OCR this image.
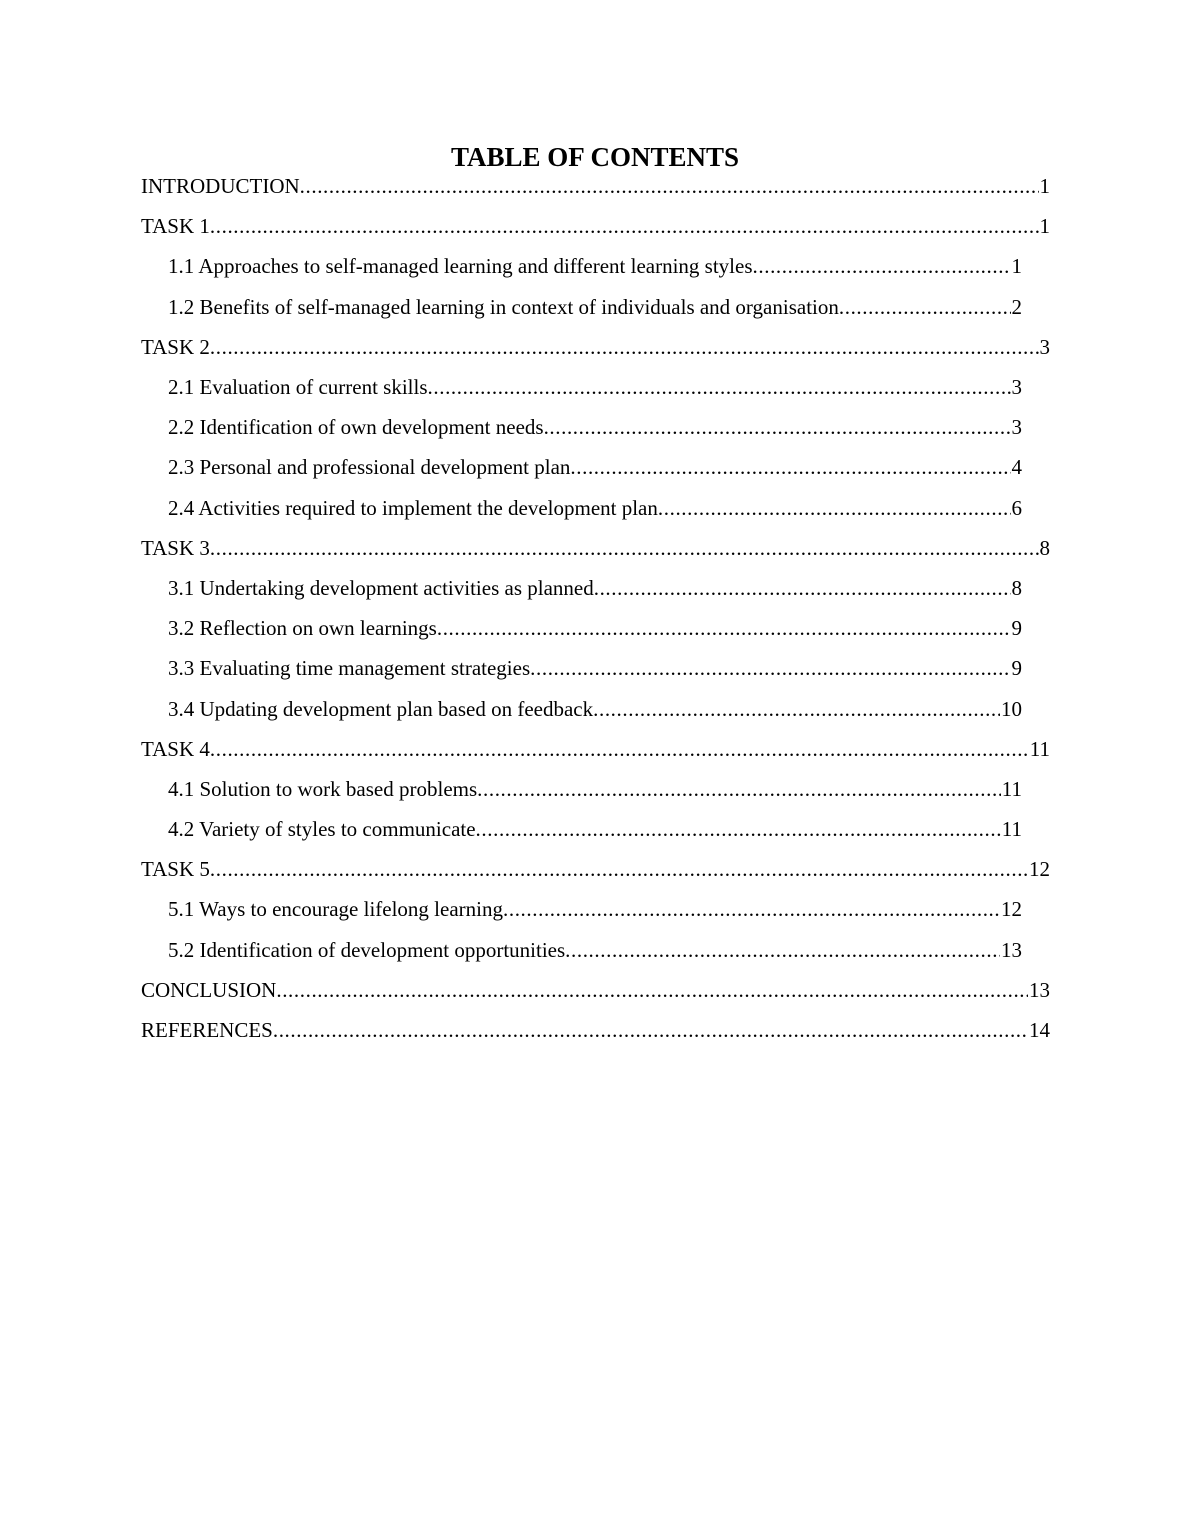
TABLE OF CONTENTS
INTRODUCTION .....	1
TASK 1 .....	1
1.1 Approaches to self-managed learning and different learning styles .....	1
1.2 Benefits of self-managed learning in context of individuals and organisation .....	2
TASK 2 .....	3
2.1 Evaluation of current skills .....	3
2.2 Identification of own development needs .....	3
2.3 Personal and professional development plan .....	4
2.4 Activities required to implement the development plan .....	6
TASK 3 .....	8
3.1 Undertaking development activities as planned .....	8
3.2 Reflection on own learnings .....	9
3.3 Evaluating time management strategies .....	9
3.4 Updating development plan based on feedback .....	10
TASK 4 .....	11
4.1 Solution to work based problems .....	11
4.2 Variety of styles to communicate .....	11
TASK 5 .....	12
5.1 Ways to encourage lifelong learning .....	12
5.2 Identification of development opportunities .....	13
CONCLUSION .....	13
REFERENCES .....	14
